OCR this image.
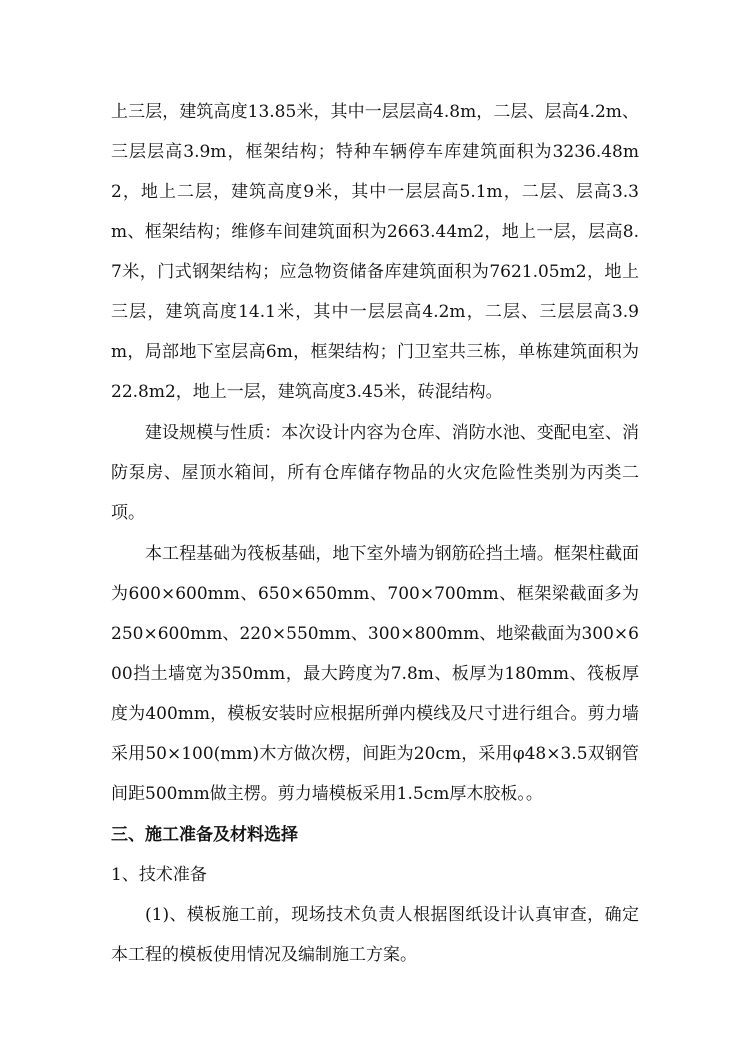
上三层，建筑高度13.85米，其中一层层高4.8m，二层、层高4.2m、三层层高3.9m，框架结构；特种车辆停车库建筑面积为3236.48m2，地上二层，建筑高度9米，其中一层层高5.1m，二层、层高3.3m、框架结构；维修车间建筑面积为2663.44m2，地上一层，层高8.7米，门式钢架结构；应急物资储备库建筑面积为7621.05m2，地上三层，建筑高度14.1米，其中一层层高4.2m，二层、三层层高3.9m，局部地下室层高6m，框架结构；门卫室共三栋，单栋建筑面积为22.8m2，地上一层，建筑高度3.45米，砖混结构。

建设规模与性质：本次设计内容为仓库、消防水池、变配电室、消防泵房、屋顶水箱间，所有仓库储存物品的火灾危险性类别为丙类二项。

本工程基础为筏板基础，地下室外墙为钢筋砼挡土墙。框架柱截面为600×600mm、650×650mm、700×700mm、框架梁截面多为250×600mm、220×550mm、300×800mm、地梁截面为300×600挡土墙宽为350mm，最大跨度为7.8m、板厚为180mm、筏板厚度为400mm，模板安装时应根据所弹内模线及尺寸进行组合。剪力墙采用50×100(mm)木方做次楞，间距为20cm，采用φ48×3.5双钢管间距500mm做主楞。剪力墙模板采用1.5cm厚木胶板。。

三、施工准备及材料选择

1、技术准备

(1)、模板施工前，现场技术负责人根据图纸设计认真审查，确定本工程的模板使用情况及编制施工方案。
